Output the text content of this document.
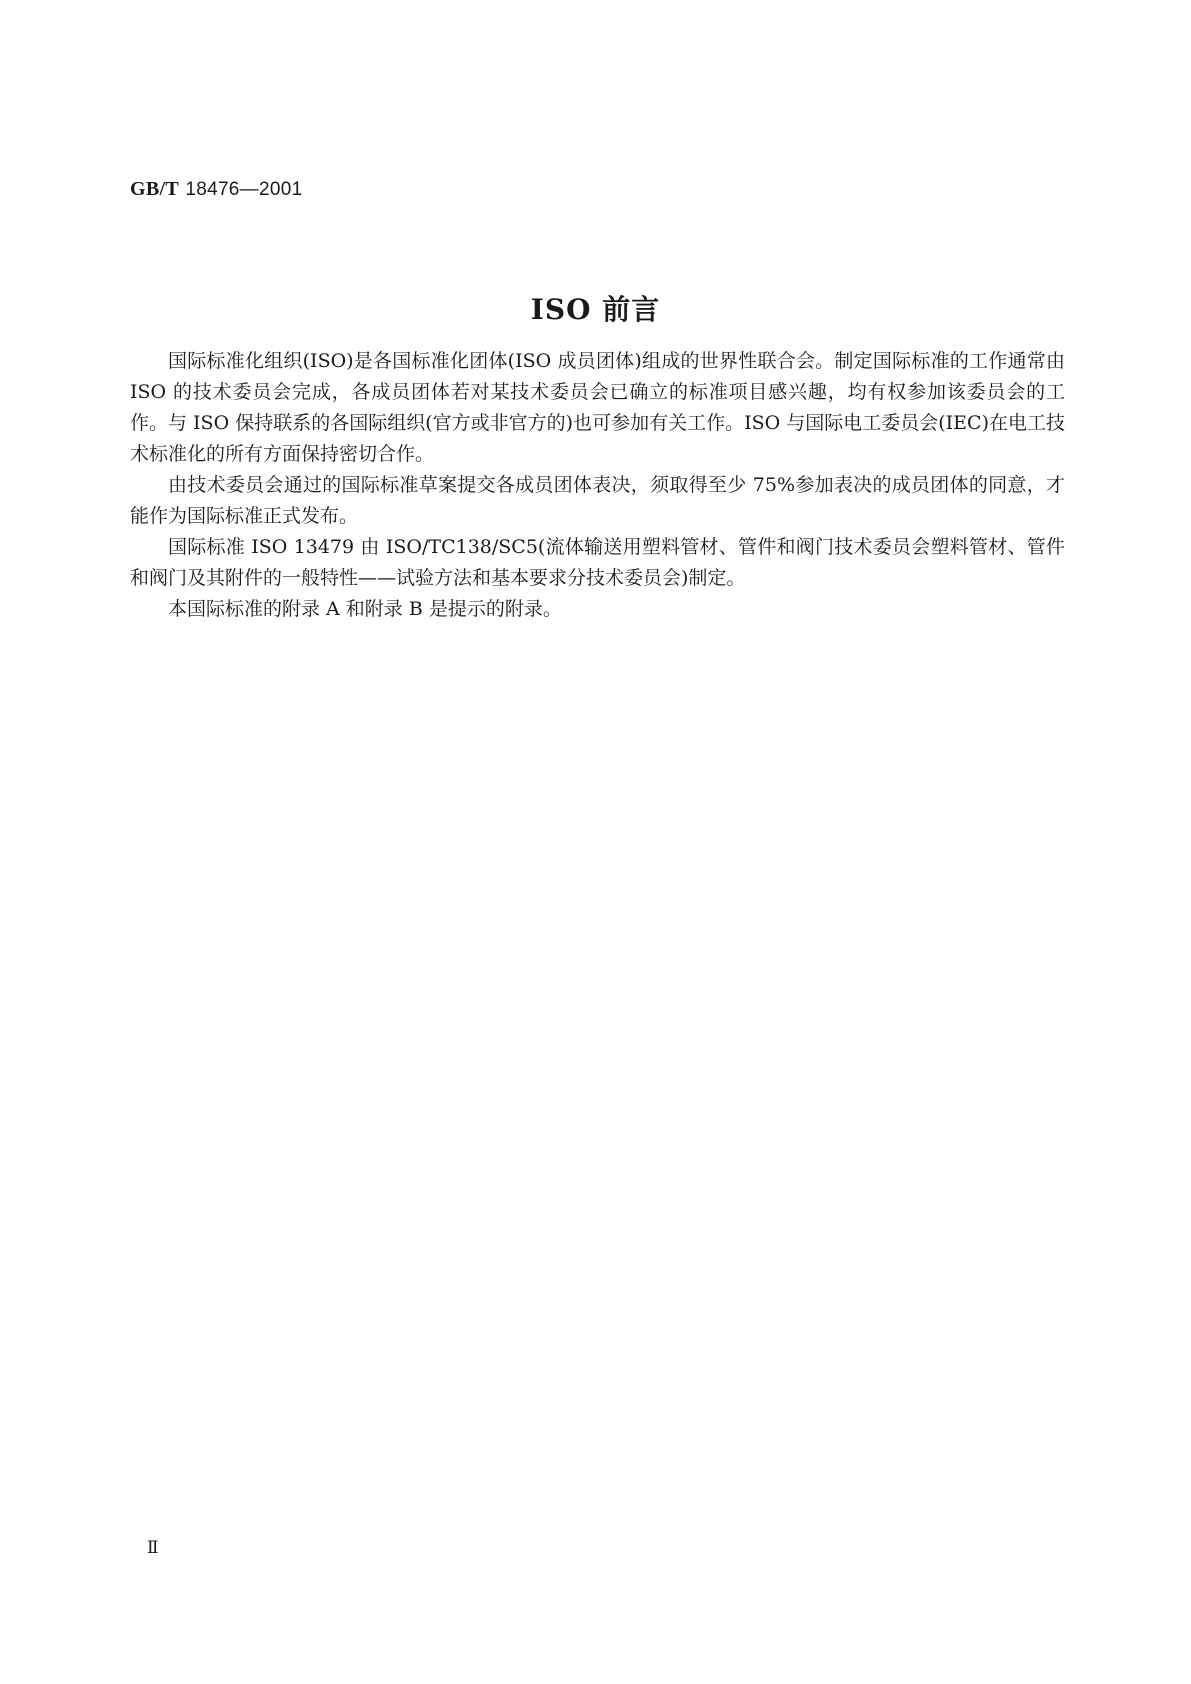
GB/T 18476—2001
ISO 前言

国际标准化组织(ISO)是各国标准化团体(ISO 成员团体)组成的世界性联合会。制定国际标准的工作通常由 ISO 的技术委员会完成，各成员团体若对某技术委员会已确立的标准项目感兴趣，均有权参加该委员会的工作。与 ISO 保持联系的各国际组织(官方或非官方的)也可参加有关工作。ISO 与国际电工委员会(IEC)在电工技术标准化的所有方面保持密切合作。

由技术委员会通过的国际标准草案提交各成员团体表决，须取得至少 75%参加表决的成员团体的同意，才能作为国际标准正式发布。

国际标准 ISO 13479 由 ISO/TC138/SC5(流体输送用塑料管材、管件和阀门技术委员会塑料管材、管件和阀门及其附件的一般特性——试验方法和基本要求分技术委员会)制定。

本国际标准的附录 A 和附录 B 是提示的附录。

Ⅱ
